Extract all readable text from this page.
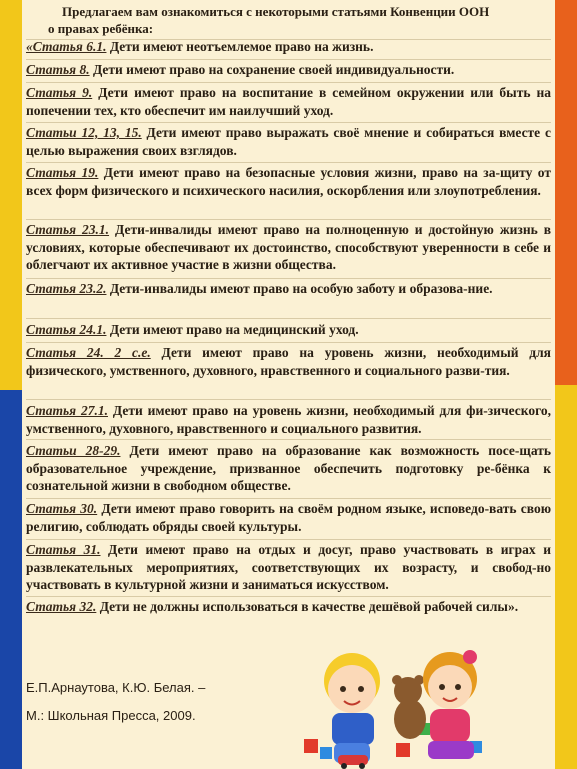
Предлагаем вам ознакомиться с некоторыми статьями Конвенции ООН
о правах ребёнка:
«Статья 6.1. Дети имеют неотъемлемое право на жизнь.
Статья 8. Дети имеют право на сохранение своей индивидуальности.
Статья 9. Дети имеют право на воспитание в семейном окружении или быть на попечении тех, кто обеспечит им наилучший уход.
Статьи 12, 13, 15. Дети имеют право выражать своё мнение и собираться вместе с целью выражения своих взглядов.
Статья 19. Дети имеют право на безопасные условия жизни, право на за-щиту от всех форм физического и психического насилия, оскорбления или злоупотребления.
Статья 23.1. Дети-инвалиды имеют право на полноценную и достойную жизнь в условиях, которые обеспечивают их достоинство, способствуют уверенности в себе и облегчают их активное участие в жизни общества.
Статья 23.2. Дети-инвалиды имеют право на особую заботу и образова-ние.
Статья 24.1. Дети имеют право на медицинский уход.
Статья 24. 2 с.е. Дети имеют право на уровень жизни, необходимый для физического, умственного, духовного, нравственного и социального разви-тия.
Статья 27.1. Дети имеют право на уровень жизни, необходимый для фи-зического, умственного, духовного, нравственного и социального развития.
Статьи 28-29. Дети имеют право на образование как возможность посе-щать образовательное учреждение, призванное обеспечить подготовку ре-бёнка к сознательной жизни в свободном обществе.
Статья 30. Дети имеют право говорить на своём родном языке, исповедо-вать свою религию, соблюдать обряды своей культуры.
Статья 31. Дети имеют право на отдых и досуг, право участвовать в играх и развлекательных мероприятиях, соответствующих их возрасту, и свобод-но участвовать в культурной жизни и заниматься искусством.
Статья 32. Дети не должны использоваться в качестве дешёвой рабочей силы».
Е.П.Арнаутова, К.Ю. Белая. –
М.: Школьная Пресса, 2009.
